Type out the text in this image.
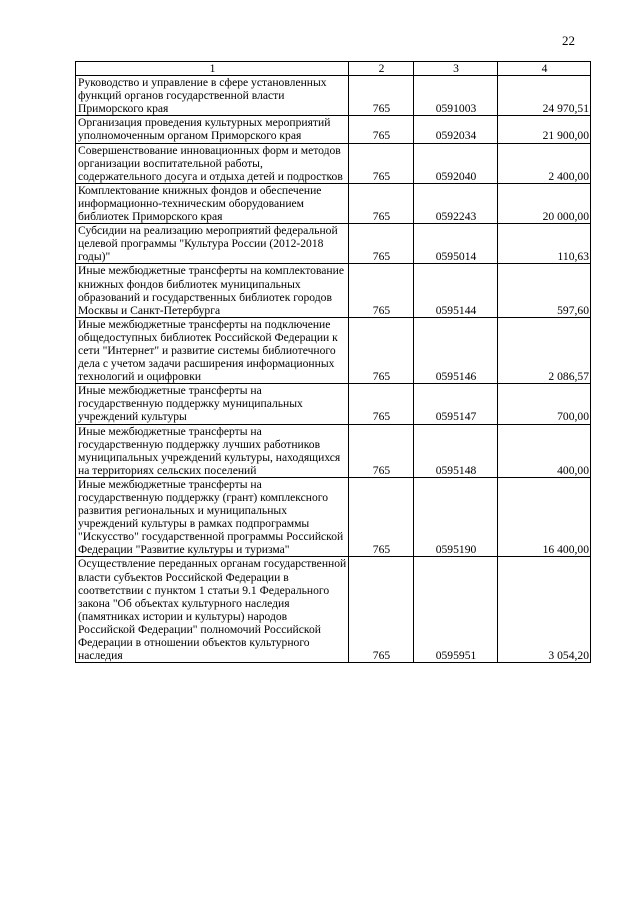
22
1	2	3	4
Руководство и управление в сфере установленных функций органов государственной власти Приморского края	765	0591003	24 970,51
Организация проведения культурных мероприятий уполномоченным органом Приморского края	765	0592034	21 900,00
Совершенствование инновационных форм и методов организации воспитательной работы, содержательного досуга и отдыха детей и подростков	765	0592040	2 400,00
Комплектование книжных фондов и обеспечение информационно-техническим оборудованием библиотек Приморского края	765	0592243	20 000,00
Субсидии на реализацию мероприятий федеральной целевой программы "Культура России (2012-2018 годы)"	765	0595014	110,63
Иные межбюджетные трансферты на комплектование книжных фондов библиотек муниципальных образований и государственных библиотек городов Москвы и Санкт-Петербурга	765	0595144	597,60
Иные межбюджетные трансферты на подключение общедоступных библиотек Российской Федерации к сети "Интернет" и развитие системы библиотечного дела с учетом задачи расширения информационных технологий и оцифровки	765	0595146	2 086,57
Иные межбюджетные трансферты на государственную поддержку муниципальных учреждений культуры	765	0595147	700,00
Иные межбюджетные трансферты на государственную поддержку лучших работников муниципальных учреждений культуры, находящихся на территориях сельских поселений	765	0595148	400,00
Иные межбюджетные трансферты на государственную поддержку (грант) комплексного развития региональных и муниципальных учреждений культуры в рамках подпрограммы "Искусство" государственной программы Российской Федерации "Развитие культуры и туризма"	765	0595190	16 400,00
Осуществление переданных органам государственной власти субъектов Российской Федерации в соответствии с пунктом 1 статьи 9.1 Федерального закона "Об объектах культурного наследия (памятниках истории и культуры) народов Российской Федерации" полномочий Российской Федерации в отношении объектов культурного наследия	765	0595951	3 054,20
